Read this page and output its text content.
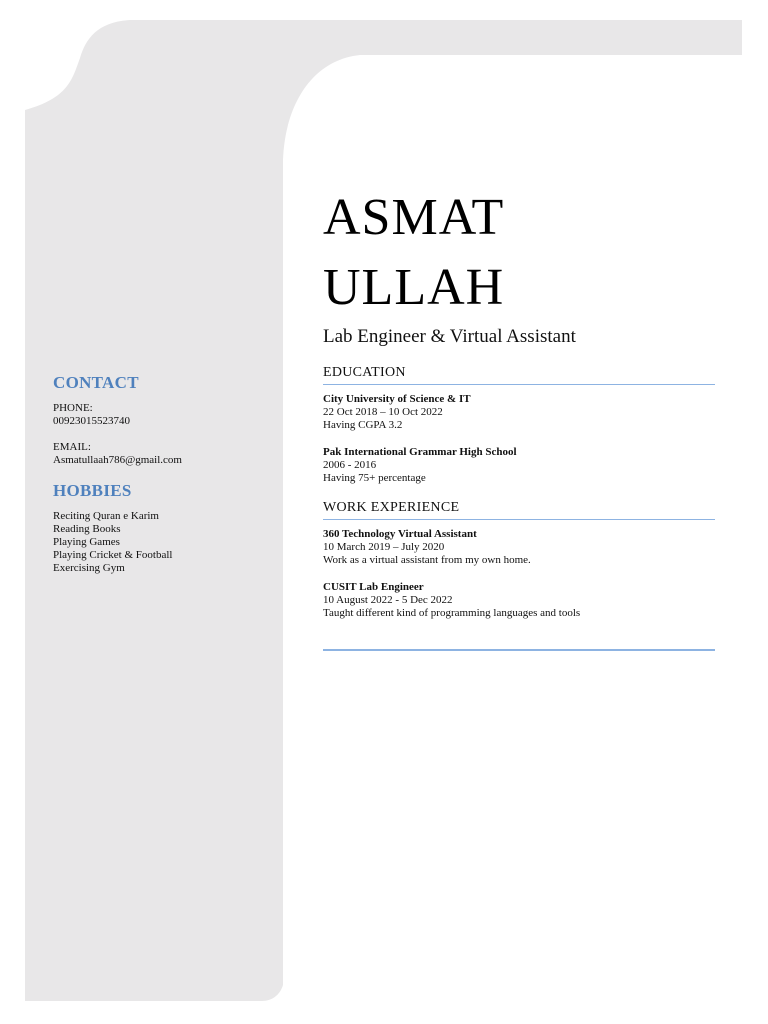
CONTACT
PHONE:
00923015523740
EMAIL:
Asmatullaah786@gmail.com
HOBBIES
Reciting Quran e Karim
Reading Books
Playing Games
Playing Cricket & Football
Exercising Gym
ASMAT
ULLAH

Lab Engineer & Virtual Assistant

EDUCATION
City University of Science & IT
22 Oct 2018 – 10 Oct 2022
Having CGPA 3.2
Pak International Grammar High School
2006 - 2016
Having 75+ percentage
WORK EXPERIENCE
360 Technology Virtual Assistant
10 March 2019 – July 2020
Work as a virtual assistant from my own home.
CUSIT Lab Engineer
10 August 2022 - 5 Dec 2022
Taught different kind of programming languages and tools
